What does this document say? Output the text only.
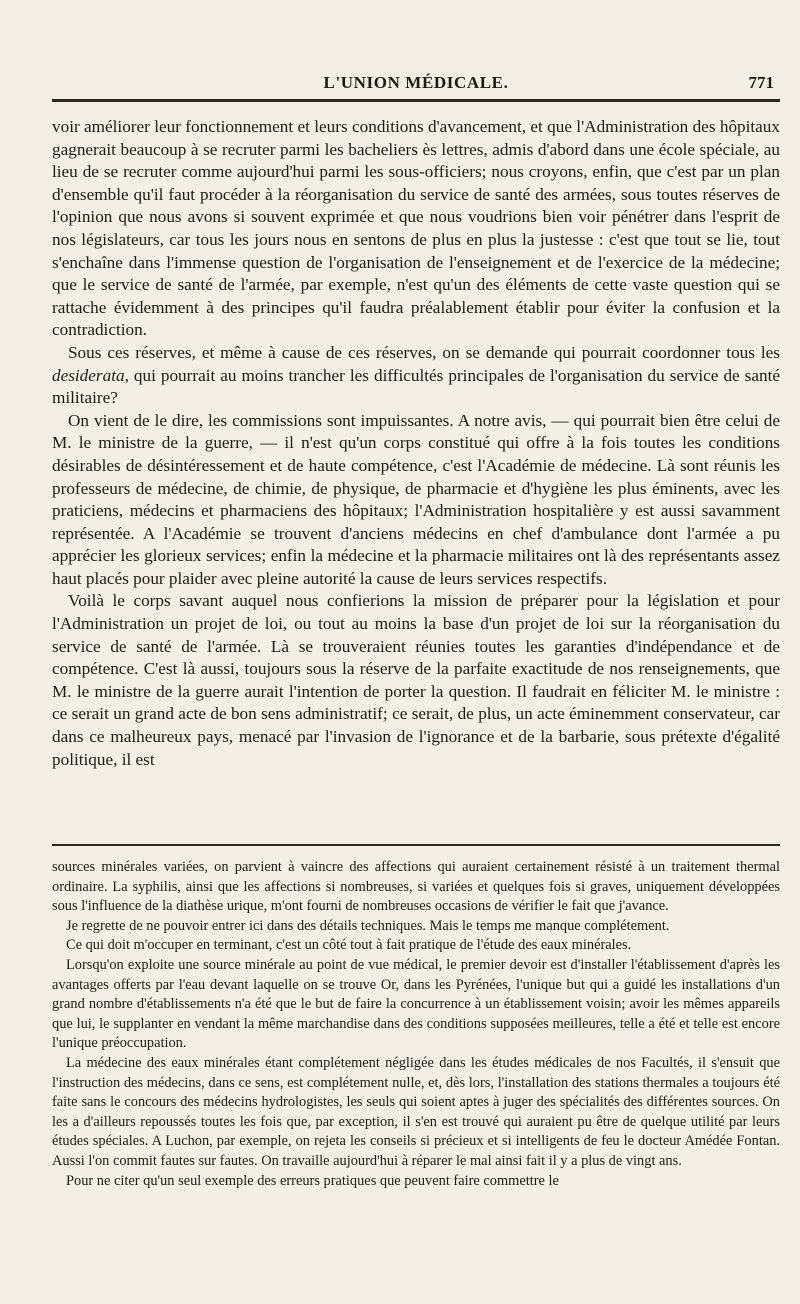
L'UNION MÉDICALE.	771

voir améliorer leur fonctionnement et leurs conditions d'avancement, et que l'Administration des hôpitaux gagnerait beaucoup à se recruter parmi les bacheliers ès lettres, admis d'abord dans une école spéciale, au lieu de se recruter comme aujourd'hui parmi les sous-officiers; nous croyons, enfin, que c'est par un plan d'ensemble qu'il faut procéder à la réorganisation du service de santé des armées, sous toutes réserves de l'opinion que nous avons si souvent exprimée et que nous voudrions bien voir pénétrer dans l'esprit de nos législateurs, car tous les jours nous en sentons de plus en plus la justesse : c'est que tout se lie, tout s'enchaîne dans l'immense question de l'organisation de l'enseignement et de l'exercice de la médecine; que le service de santé de l'armée, par exemple, n'est qu'un des éléments de cette vaste question qui se rattache évidemment à des principes qu'il faudra préalablement établir pour éviter la confusion et la contradiction.

Sous ces réserves, et même à cause de ces réserves, on se demande qui pourrait coordonner tous les desiderata, qui pourrait au moins trancher les difficultés principales de l'organisation du service de santé militaire?

On vient de le dire, les commissions sont impuissantes. A notre avis, — qui pourrait bien être celui de M. le ministre de la guerre, — il n'est qu'un corps constitué qui offre à la fois toutes les conditions désirables de désintéressement et de haute compétence, c'est l'Académie de médecine. Là sont réunis les professeurs de médecine, de chimie, de physique, de pharmacie et d'hygiène les plus éminents, avec les praticiens, médecins et pharmaciens des hôpitaux; l'Administration hospitalière y est aussi savamment représentée. A l'Académie se trouvent d'anciens médecins en chef d'ambulance dont l'armée a pu apprécier les glorieux services; enfin la médecine et la pharmacie militaires ont là des représentants assez haut placés pour plaider avec pleine autorité la cause de leurs services respectifs.

Voilà le corps savant auquel nous confierions la mission de préparer pour la législation et pour l'Administration un projet de loi, ou tout au moins la base d'un projet de loi sur la réorganisation du service de santé de l'armée. Là se trouveraient réunies toutes les garanties d'indépendance et de compétence. C'est là aussi, toujours sous la réserve de la parfaite exactitude de nos renseignements, que M. le ministre de la guerre aurait l'intention de porter la question. Il faudrait en féliciter M. le ministre : ce serait un grand acte de bon sens administratif; ce serait, de plus, un acte éminemment conservateur, car dans ce malheureux pays, menacé par l'invasion de l'ignorance et de la barbarie, sous prétexte d'égalité politique, il est

sources minérales variées, on parvient à vaincre des affections qui auraient certainement résisté à un traitement thermal ordinaire. La syphilis, ainsi que les affections si nombreuses, si variées et quelques fois si graves, uniquement développées sous l'influence de la diathèse urique, m'ont fourni de nombreuses occasions de vérifier le fait que j'avance.

Je regrette de ne pouvoir entrer ici dans des détails techniques. Mais le temps me manque complétement.

Ce qui doit m'occuper en terminant, c'est un côté tout à fait pratique de l'étude des eaux minérales.

Lorsqu'on exploite une source minérale au point de vue médical, le premier devoir est d'installer l'établissement d'après les avantages offerts par l'eau devant laquelle on se trouve Or, dans les Pyrénées, l'unique but qui a guidé les installations d'un grand nombre d'établissements n'a été que le but de faire la concurrence à un établissement voisin; avoir les mêmes appareils que lui, le supplanter en vendant la même marchandise dans des conditions supposées meilleures, telle a été et telle est encore l'unique préoccupation.

La médecine des eaux minérales étant complétement négligée dans les études médicales de nos Facultés, il s'ensuit que l'instruction des médecins, dans ce sens, est complétement nulle, et, dès lors, l'installation des stations thermales a toujours été faite sans le concours des médecins hydrologistes, les seuls qui soient aptes à juger des spécialités des différentes sources. On les a d'ailleurs repoussés toutes les fois que, par exception, il s'en est trouvé qui auraient pu être de quelque utilité par leurs études spéciales. A Luchon, par exemple, on rejeta les conseils si précieux et si intelligents de feu le docteur Amédée Fontan. Aussi l'on commit fautes sur fautes. On travaille aujourd'hui à réparer le mal ainsi fait il y a plus de vingt ans.

Pour ne citer qu'un seul exemple des erreurs pratiques que peuvent faire commettre le
